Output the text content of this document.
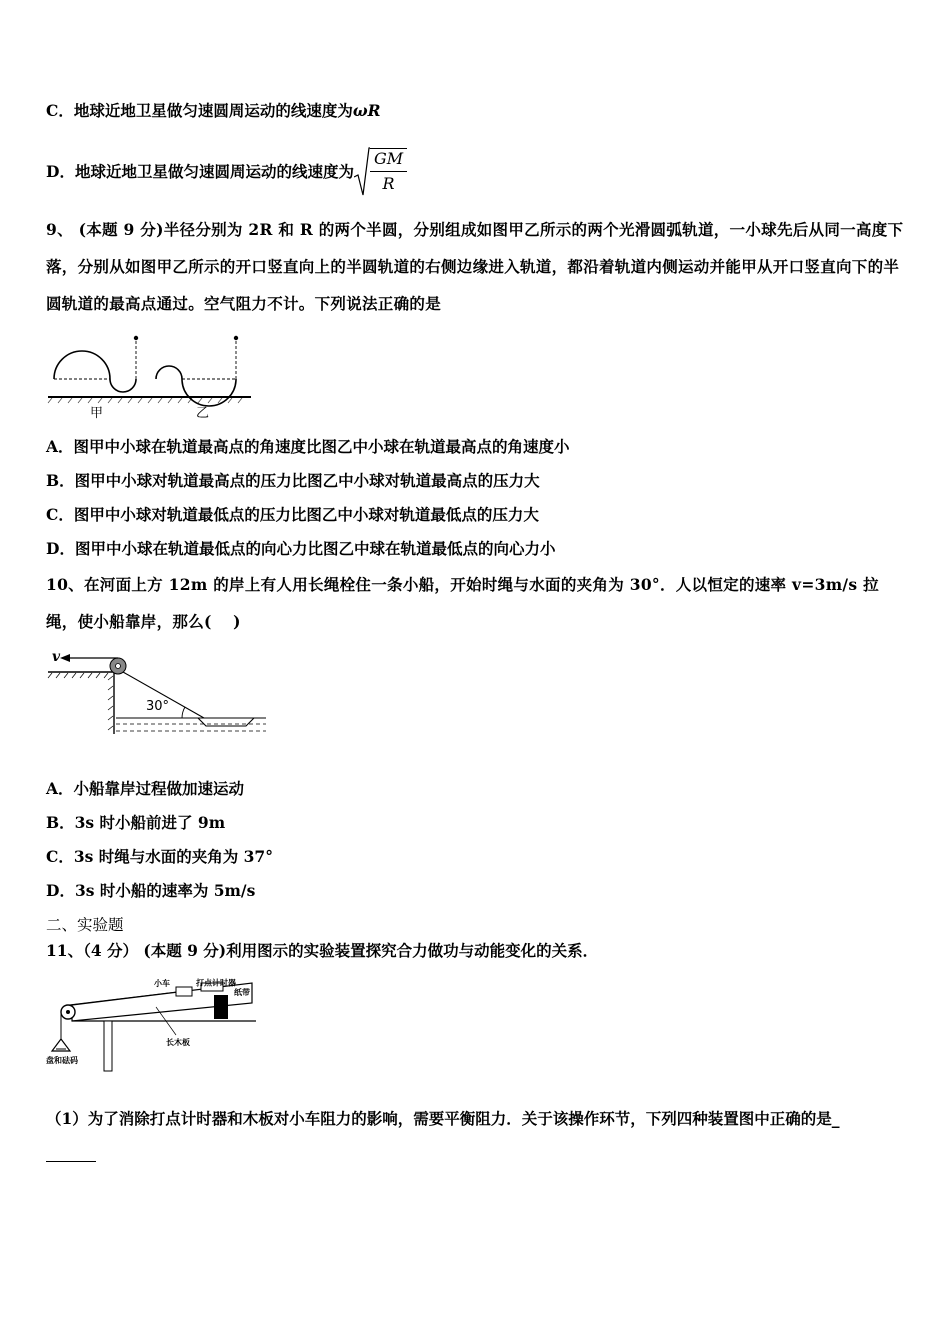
C．地球近地卫星做匀速圆周运动的线速度为ωR
D．地球近地卫星做匀速圆周运动的线速度为 $\frac{GM}{R}$
9、 (本题 9 分)半径分别为 2R 和 R 的两个半圆，分别组成如图甲乙所示的两个光滑圆弧轨道，一小球先后从同一高度下落，分别从如图甲乙所示的开口竖直向上的半圆轨道的右侧边缘进入轨道，都沿着轨道内侧运动并能甲从开口竖直向下的半圆轨道的最高点通过。空气阻力不计。下列说法正确的是
甲	乙
A．图甲中小球在轨道最高点的角速度比图乙中小球在轨道最高点的角速度小
B．图甲中小球对轨道最高点的压力比图乙中小球对轨道最高点的压力大
C．图甲中小球对轨道最低点的压力比图乙中小球对轨道最低点的压力大
D．图甲中小球在轨道最低点的向心力比图乙中球在轨道最低点的向心力小
10、在河面上方 12m 的岸上有人用长绳栓住一条小船，开始时绳与水面的夹角为 30°．人以恒定的速率 v=3m/s 拉绳，使小船靠岸，那么(　 )
v
30°
A．小船靠岸过程做加速运动
B．3s 时小船前进了 9m
C．3s 时绳与水面的夹角为 37°
D．3s 时小船的速率为 5m/s
二、实验题
11、（4 分） (本题 9 分)利用图示的实验装置探究合力做功与动能变化的关系．
小车	打点计时器
纸带
长木板
盘和砝码
（1）为了消除打点计时器和木板对小车阻力的影响，需要平衡阻力．关于该操作环节，下列四种装置图中正确的是_
